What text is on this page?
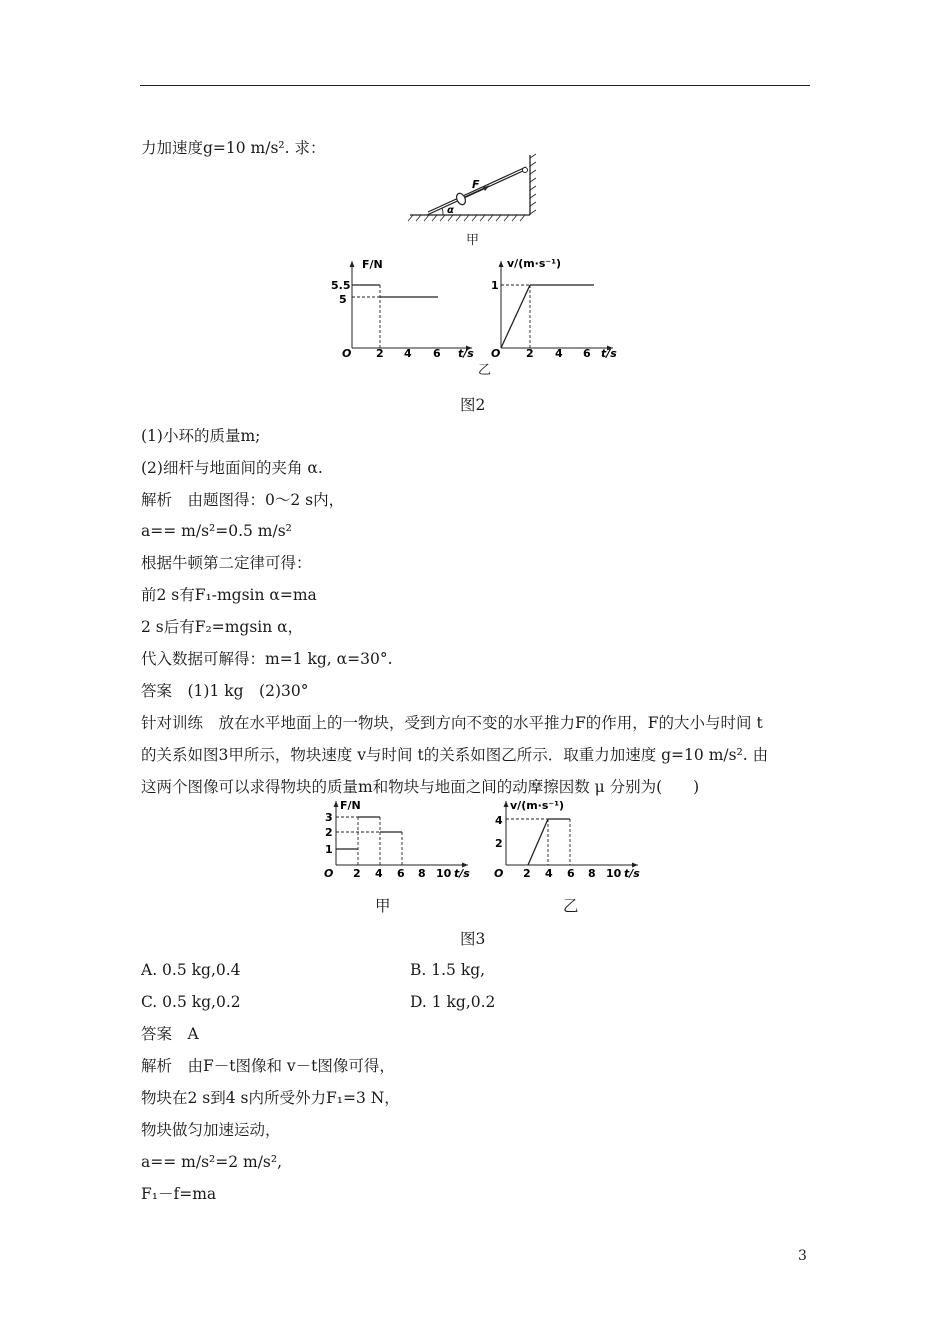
力加速度g=10 m/s². 求：
F
α
甲
F/N
t/s
O
5.5
5
2 4 6
v/(m·s⁻¹)
t/s
O
1
2 4 6
乙
图2
(1)小环的质量m;
(2)细杆与地面间的夹角 α.
解析　由题图得：0～2 s内，
a== m/s²=0.5 m/s²
根据牛顿第二定律可得：
前2 s有F₁-mgsin α=ma
2 s后有F₂=mgsin α，
代入数据可解得：m=1 kg, α=30°.
答案　(1)1 kg　(2)30°
针对训练　放在水平地面上的一物块，受到方向不变的水平推力F的作用，F的大小与时间 t
的关系如图3甲所示，物块速度 v与时间 t的关系如图乙所示．取重力加速度 g=10 m/s². 由
这两个图像可以求得物块的质量m和物块与地面之间的动摩擦因数 μ 分别为(　　)
F/N
t/s
O
3
2
1
2 4 6 8 10
v/(m·s⁻¹)
t/s
O
4
2
2 4 6 8 10
甲	乙
图3
A. 0.5 kg,0.4	B. 1.5 kg,
C. 0.5 kg,0.2	D. 1 kg,0.2
答案　A
解析　由F－t图像和 v－t图像可得，
物块在2 s到4 s内所受外力F₁=3 N，
物块做匀加速运动，
a== m/s²=2 m/s²,
F₁－f=ma
3
